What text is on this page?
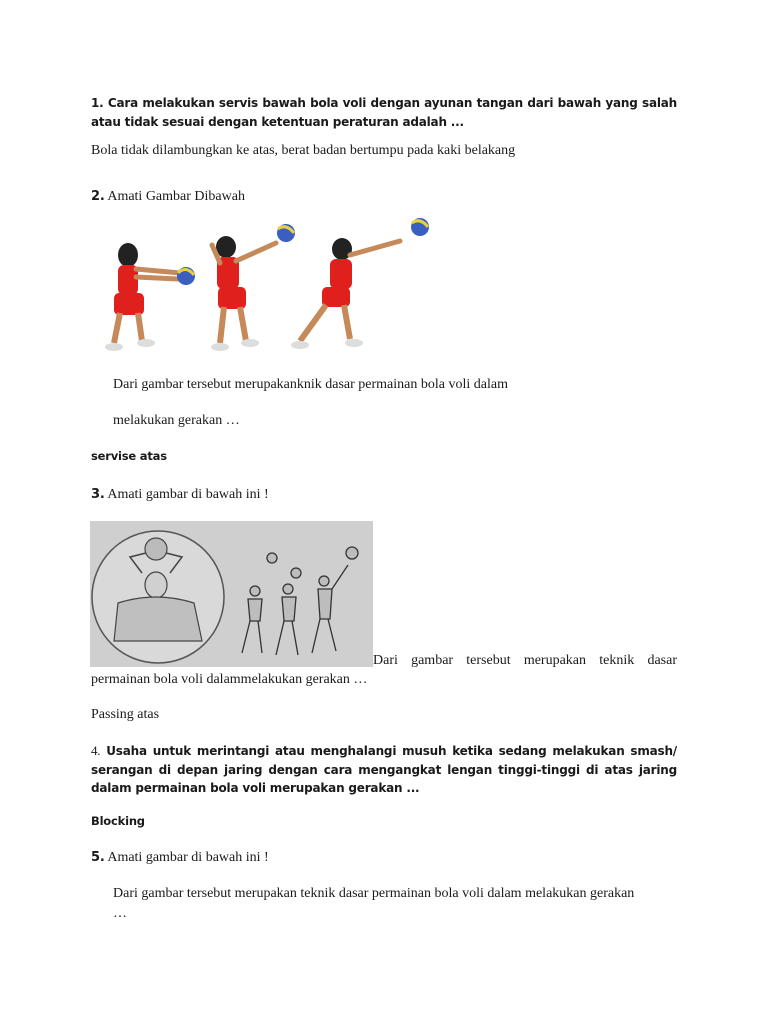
1. Cara melakukan servis bawah bola voli dengan ayunan tangan dari bawah yang salah atau tidak sesuai dengan ketentuan peraturan adalah ...
Bola tidak dilambungkan ke atas, berat badan bertumpu pada kaki belakang
2. Amati Gambar Dibawah
Dari gambar tersebut merupakanknik dasar permainan bola voli dalam
melakukan gerakan …
servise atas
3. Amati gambar di bawah ini !
Dari gambar tersebut merupakan teknik dasar
permainan bola voli dalammelakukan gerakan …
Passing atas
4. Usaha untuk merintangi atau menghalangi musuh ketika sedang melakukan smash/ serangan di depan jaring dengan cara mengangkat lengan tinggi-tinggi di atas jaring dalam permainan bola voli merupakan gerakan ...
Blocking
5. Amati gambar di bawah ini !
Dari gambar tersebut merupakan teknik dasar permainan bola voli dalam melakukan gerakan
…
